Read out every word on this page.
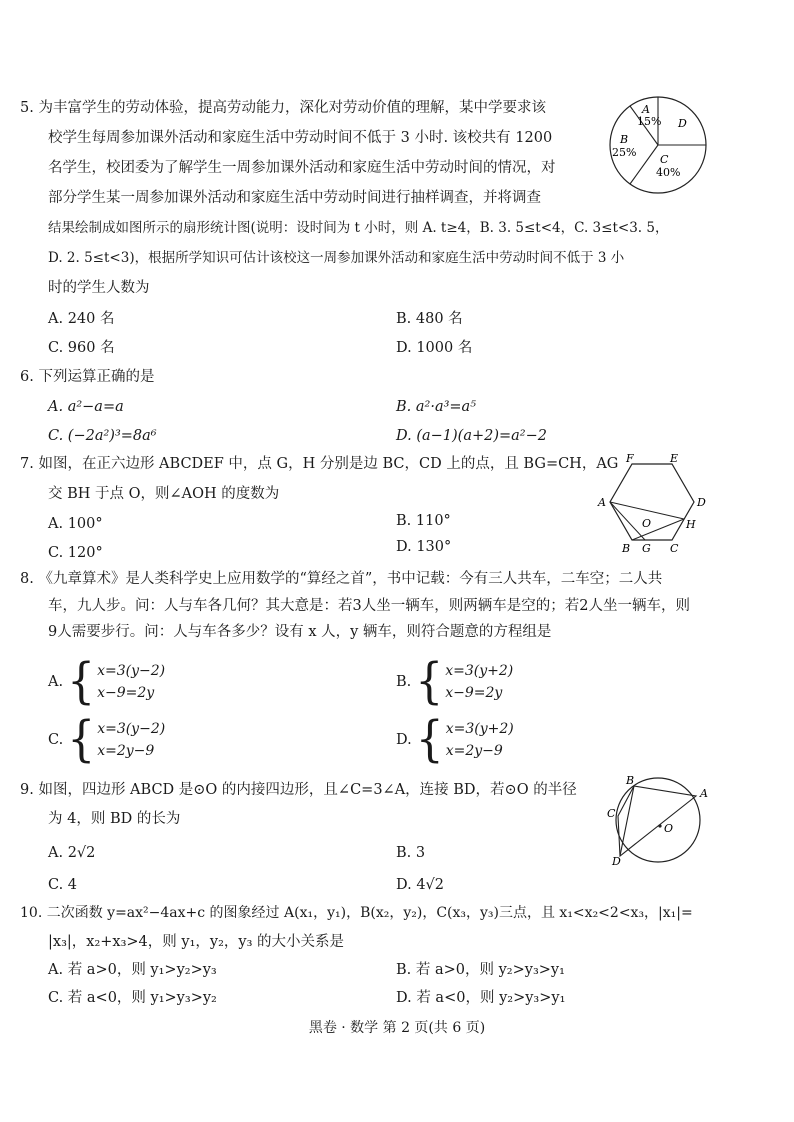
5. 为丰富学生的劳动体验，提高劳动能力，深化对劳动价值的理解，某中学要求该
校学生每周参加课外活动和家庭生活中劳动时间不低于 3 小时. 该校共有 1200
名学生，校团委为了解学生一周参加课外活动和家庭生活中劳动时间的情况，对
部分学生某一周参加课外活动和家庭生活中劳动时间进行抽样调查，并将调查
结果绘制成如图所示的扇形统计图(说明：设时间为 t 小时，则 A. t≥4，B. 3. 5≤t<4，C. 3≤t<3. 5，
D. 2. 5≤t<3)，根据所学知识可估计该校这一周参加课外活动和家庭生活中劳动时间不低于 3 小
时的学生人数为
A. 240 名	B. 480 名
C. 960 名	D. 1000 名
A
15%
B
25%
C
40%
D
6. 下列运算正确的是
A. a²−a=a	B. a²·a³=a⁵
C. (−2a²)³=8a⁶	D. (a−1)(a+2)=a²−2
7. 如图，在正六边形 ABCDEF 中，点 G，H 分别是边 BC，CD 上的点，且 BG=CH，AG
交 BH 于点 O，则∠AOH 的度数为
A. 100°	B. 110°
C. 120°	D. 130°
F	E
D
A
O	H
B G C
8. 《九章算术》是人类科学史上应用数学的“算经之首”，书中记载：今有三人共车，二车空；二人共
车，九人步。问：人与车各几何？其大意是：若3人坐一辆车，则两辆车是空的；若2人坐一辆车，则
9人需要步行。问：人与车各多少？设有 x 人，y 辆车，则符合题意的方程组是
A. { x=3(y−2)
x−9=2y
B. { x=3(y+2)
x−9=2y
C. { x=3(y−2)
x=2y−9
D. { x=3(y+2)
x=2y−9
9. 如图，四边形 ABCD 是⊙O 的内接四边形，且∠C=3∠A，连接 BD，若⊙O 的半径
为 4，则 BD 的长为
A. 2√2	B. 3
C. 4	D. 4√2
B
A
C
D
O
10. 二次函数 y=ax²−4ax+c 的图象经过 A(x₁，y₁)，B(x₂，y₂)，C(x₃，y₃)三点，且 x₁<x₂<2<x₃，|x₁|=
|x₃|，x₂+x₃>4，则 y₁，y₂，y₃ 的大小关系是
A. 若 a>0，则 y₁>y₂>y₃	B. 若 a>0，则 y₂>y₃>y₁
C. 若 a<0，则 y₁>y₃>y₂	D. 若 a<0，则 y₂>y₃>y₁
黑卷 · 数学 第 2 页(共 6 页)
